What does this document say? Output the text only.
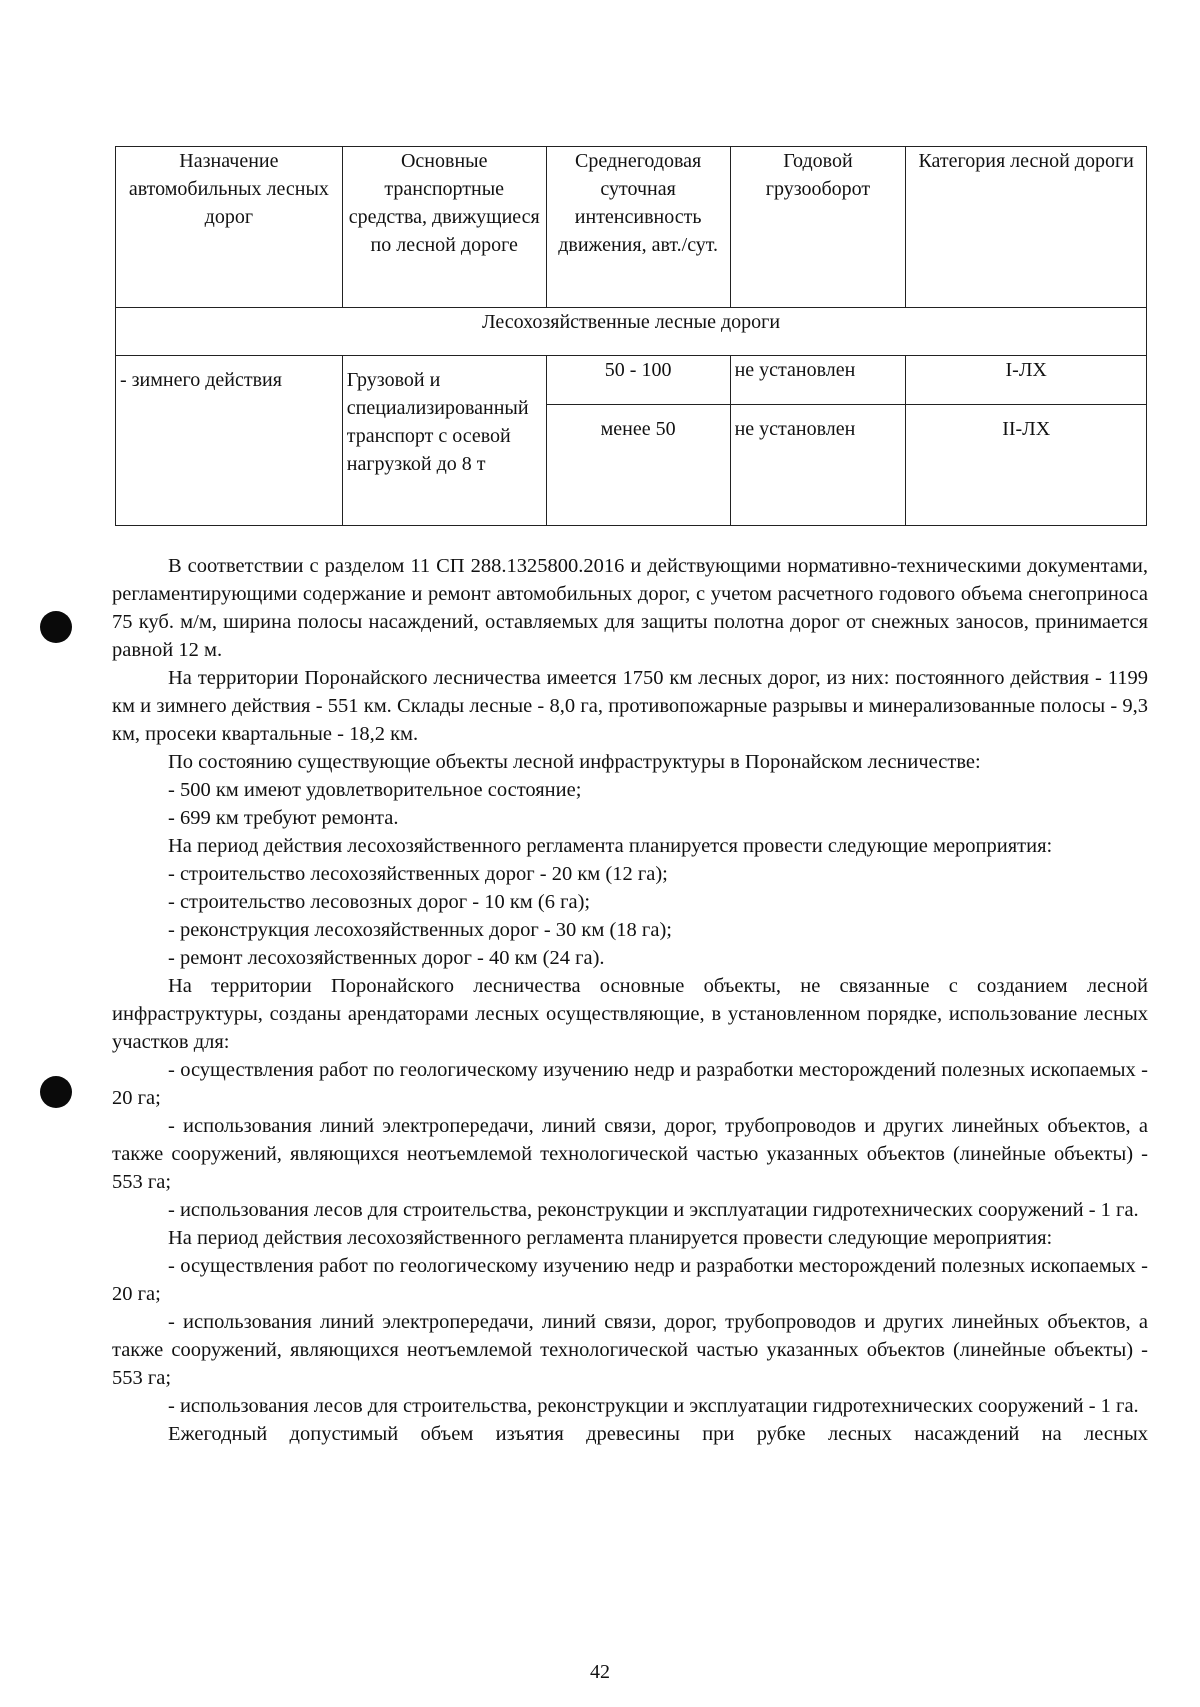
Назначение автомобильных лесных дорог	Основные транспортные средства, движущиеся по лесной дороге	Среднегодовая суточная интенсивность движения, авт./сут.	Годовой грузооборот	Категория лесной дороги
Лесохозяйственные лесные дороги				
- зимнего действия	Грузовой и специализированный транспорт с осевой нагрузкой до 8 т	50 - 100	не установлен	I-ЛХ
		менее 50	не установлен	II-ЛХ

В соответствии с разделом 11 СП 288.1325800.2016 и действующими нормативно-техническими документами, регламентирующими содержание и ремонт автомобильных дорог, с учетом расчетного годового объема снегоприноса 75 куб. м/м, ширина полосы насаждений, оставляемых для защиты полотна дорог от снежных заносов, принимается равной 12 м.

На территории Поронайского лесничества имеется 1750 км лесных дорог, из них: постоянного действия - 1199 км и зимнего действия - 551 км. Склады лесные - 8,0 га, противопожарные разрывы и минерализованные полосы - 9,3 км, просеки квартальные - 18,2 км.

По состоянию существующие объекты лесной инфраструктуры в Поронайском лесничестве:

- 500 км имеют удовлетворительное состояние;

- 699 км требуют ремонта.

На период действия лесохозяйственного регламента планируется провести следующие мероприятия:

- строительство лесохозяйственных дорог - 20 км (12 га);

- строительство лесовозных дорог - 10 км (6 га);

- реконструкция лесохозяйственных дорог - 30 км (18 га);

- ремонт лесохозяйственных дорог - 40 км (24 га).

На территории Поронайского лесничества основные объекты, не связанные с созданием лесной инфраструктуры, созданы арендаторами лесных осуществляющие, в установленном порядке, использование лесных участков для:

- осуществления работ по геологическому изучению недр и разработки месторождений полезных ископаемых - 20 га;

- использования линий электропередачи, линий связи, дорог, трубопроводов и других линейных объектов, а также сооружений, являющихся неотъемлемой технологической частью указанных объектов (линейные объекты) - 553 га;

- использования лесов для строительства, реконструкции и эксплуатации гидротехнических сооружений - 1 га.

На период действия лесохозяйственного регламента планируется провести следующие мероприятия:

- осуществления работ по геологическому изучению недр и разработки месторождений полезных ископаемых - 20 га;

- использования линий электропередачи, линий связи, дорог, трубопроводов и других линейных объектов, а также сооружений, являющихся неотъемлемой технологической частью указанных объектов (линейные объекты) - 553 га;

- использования лесов для строительства, реконструкции и эксплуатации гидротехнических сооружений - 1 га.

Ежегодный допустимый объем изъятия древесины при рубке лесных насаждений на лесных

42
